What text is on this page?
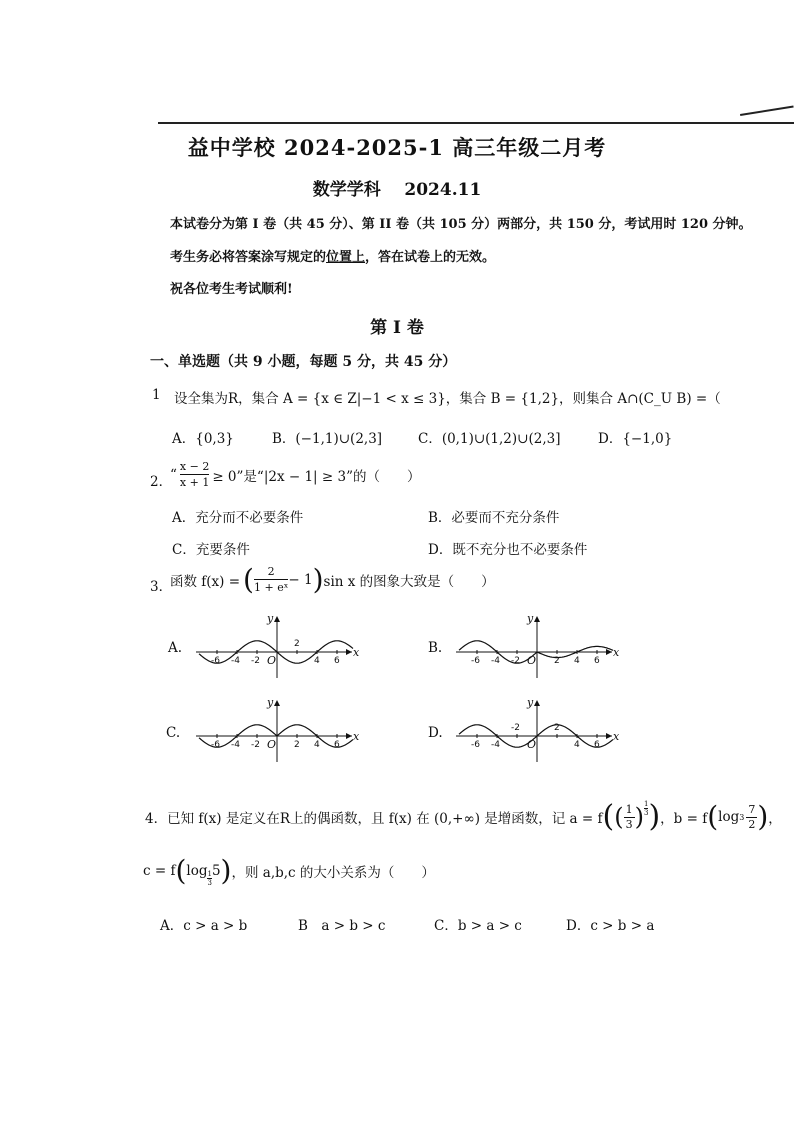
益中学校 2024-2025-1 高三年级二月考
数学学科 2024.11
本试卷分为第 I 卷（共 45 分）、第 II 卷（共 105 分）两部分，共 150 分，考试用时 120 分钟。
考生务必将答案涂写规定的位置上，答在试卷上的无效。
祝各位考生考试顺利!
第 I 卷
一、单选题（共 9 小题，每题 5 分，共 45 分）
1 设全集为R，集合 A = {x ∈ Z|−1 < x ≤ 3}，集合 B = {1,2}，则集合 A∩(C_U B) =（
A．{0,3}	B．(−1,1)∪(2,3]	C．(0,1)∪(1,2)∪(2,3]	D．{−1,0}
2．
“ $\frac{x - 2}{x + 1} \ge 0$”是“|2x − 1| ≥ 3”的（　　）
A．充分而不必要条件	B．必要而不充分条件
C．充要条件	D．既不充分也不必要条件
3．
函数 f(x) = ( $\frac{2}{\text{1 + eˣ}} - 1$ ) sin x 的图象大致是（　　）
A.	B.
C.	D.
x
y
O
-6 -4 -2
2
4 6
x
y
O
-6 -4 -2	2 4 6
x
y
O
-6 -4 -2	2 4 6
x
y
O
-6 -4
-2	2
4 6
4． 已知 f(x) 是定义在R上的偶函数，且 f(x) 在 (0,+∞) 是增函数，记 a = f ( ( $\frac{1}{3}$ ) $\frac{1}{3}$ ) ，b = f ( $\log 3 \frac{7}{2}$ ) ，
c = f ( $\log \frac{1}{3} 5$ ) ，则 a,b,c 的大小关系为（　　）
A．c > a > b	B　a > b > c	C．b > a > c	D．c > b > a
